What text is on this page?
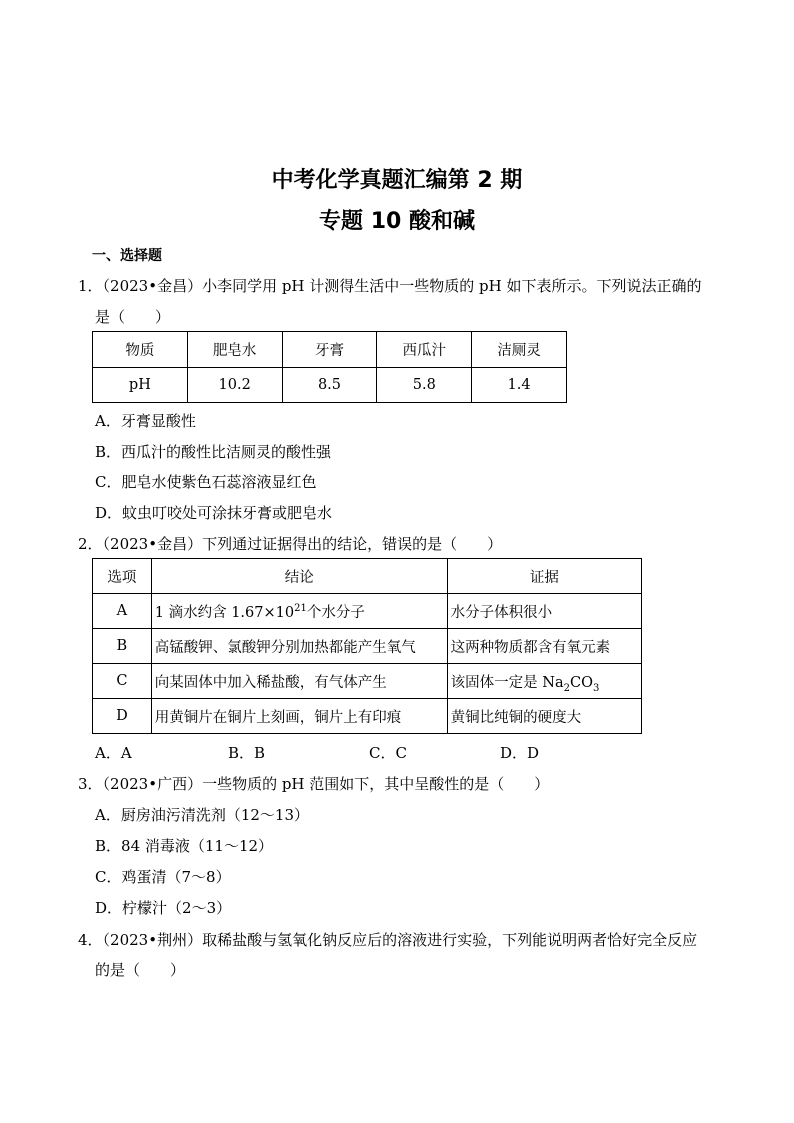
中考化学真题汇编第 2 期
专题 10 酸和碱
一、选择题
1．（2023•金昌）小李同学用 pH 计测得生活中一些物质的 pH 如下表所示。下列说法正确的
是（　　）
物质	肥皂水	牙膏	西瓜汁	洁厕灵
pH	10.2	8.5	5.8	1.4
A．牙膏显酸性
B．西瓜汁的酸性比洁厕灵的酸性强
C．肥皂水使紫色石蕊溶液显红色
D．蚊虫叮咬处可涂抹牙膏或肥皂水
2．（2023•金昌）下列通过证据得出的结论，错误的是（　　）
选项	结论	证据
A	1 滴水约含 $1.67\times 10^{21}$个水分子	水分子体积很小
B	高锰酸钾、氯酸钾分别加热都能产生氧气	这两种物质都含有氧元素
C	向某固体中加入稀盐酸，有气体产生	该固体一定是 $Na_2CO_3$
D	用黄铜片在铜片上刻画，铜片上有印痕	黄铜比纯铜的硬度大
A．A	B．B	C．C	D．D
3．（2023•广西）一些物质的 pH 范围如下，其中呈酸性的是（　　）
A．厨房油污清洗剂（12～13）
B．84 消毒液（11～12）
C．鸡蛋清（7～8）
D．柠檬汁（2～3）
4．（2023•荆州）取稀盐酸与氢氧化钠反应后的溶液进行实验，下列能说明两者恰好完全反应
的是（　　）
